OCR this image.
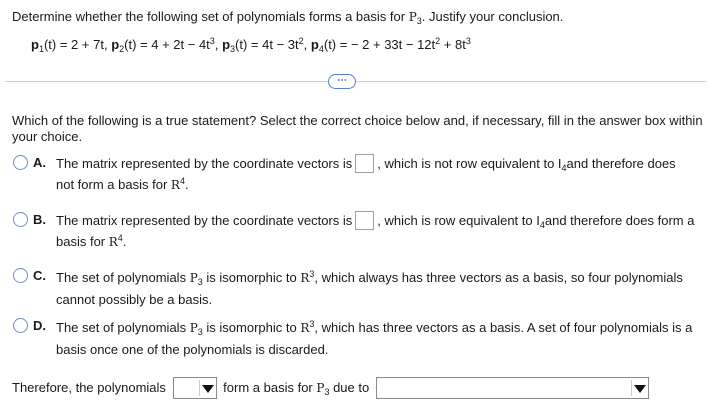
Determine whether the following set of polynomials forms a basis for $P_3$. Justify your conclusion.
$p_1(t) = 2 + 7t$, $p_2(t) = 4 + 2t - 4t^3$, $p_3(t) = 4t - 3t^2$, $p_4(t)$ = − $2 + 33t - 12t^2 + 8t^3$
⋯
Which of the following is a true statement? Select the correct choice below and, if necessary, fill in the answer box within your choice.
A. The matrix represented by the coordinate vectors is , which is not row equivalent to $I_4and$ therefore does not form a basis for $R^4$.
B. The matrix represented by the coordinate vectors is , which is row equivalent to $I_4and$ therefore does form a basis for $R^4$.
C. The set of polynomials $P_3$ is isomorphic to $R^3$, which always has three vectors as a basis, so four polynomials cannot possibly be a basis.
D. The set of polynomials $P_3$ is isomorphic to $R^3$, which has three vectors as a basis. A set of four polynomials is a basis once one of the polynomials is discarded.
Therefore, the polynomials	form a basis for $P_3$ due to
